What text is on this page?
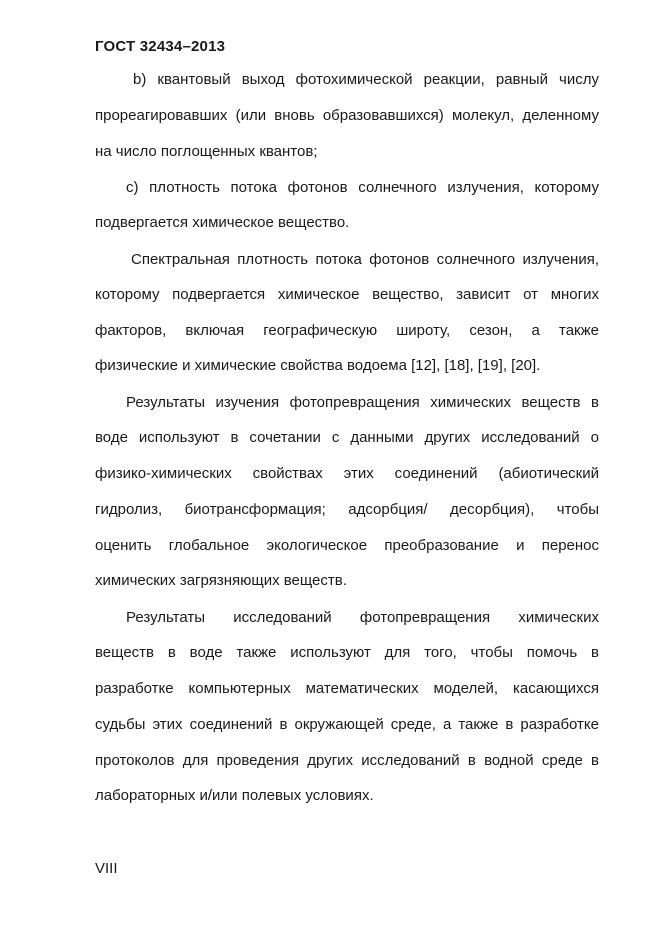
ГОСТ 32434–2013
b) квантовый выход фотохимической реакции, равный числу
прореагировавших (или вновь образовавшихся) молекул, деленному
на число поглощенных квантов;
c) плотность потока фотонов солнечного излучения, которому
подвергается химическое вещество.
Спектральная плотность потока фотонов солнечного излучения,
которому подвергается химическое вещество, зависит от многих
факторов, включая географическую широту, сезон, а также
физические и химические свойства водоема [12], [18], [19], [20].
Результаты изучения фотопревращения химических веществ в
воде используют в сочетании с данными других исследований о
физико-химических свойствах этих соединений (абиотический
гидролиз, биотрансформация; адсорбция/ десорбция), чтобы
оценить глобальное экологическое преобразование и перенос
химических загрязняющих веществ.
Результаты исследований фотопревращения химических
веществ в воде также используют для того, чтобы помочь в
разработке компьютерных математических моделей, касающихся
судьбы этих соединений в окружающей среде, а также в разработке
протоколов для проведения других исследований в водной среде в
лабораторных и/или полевых условиях.
VIII
